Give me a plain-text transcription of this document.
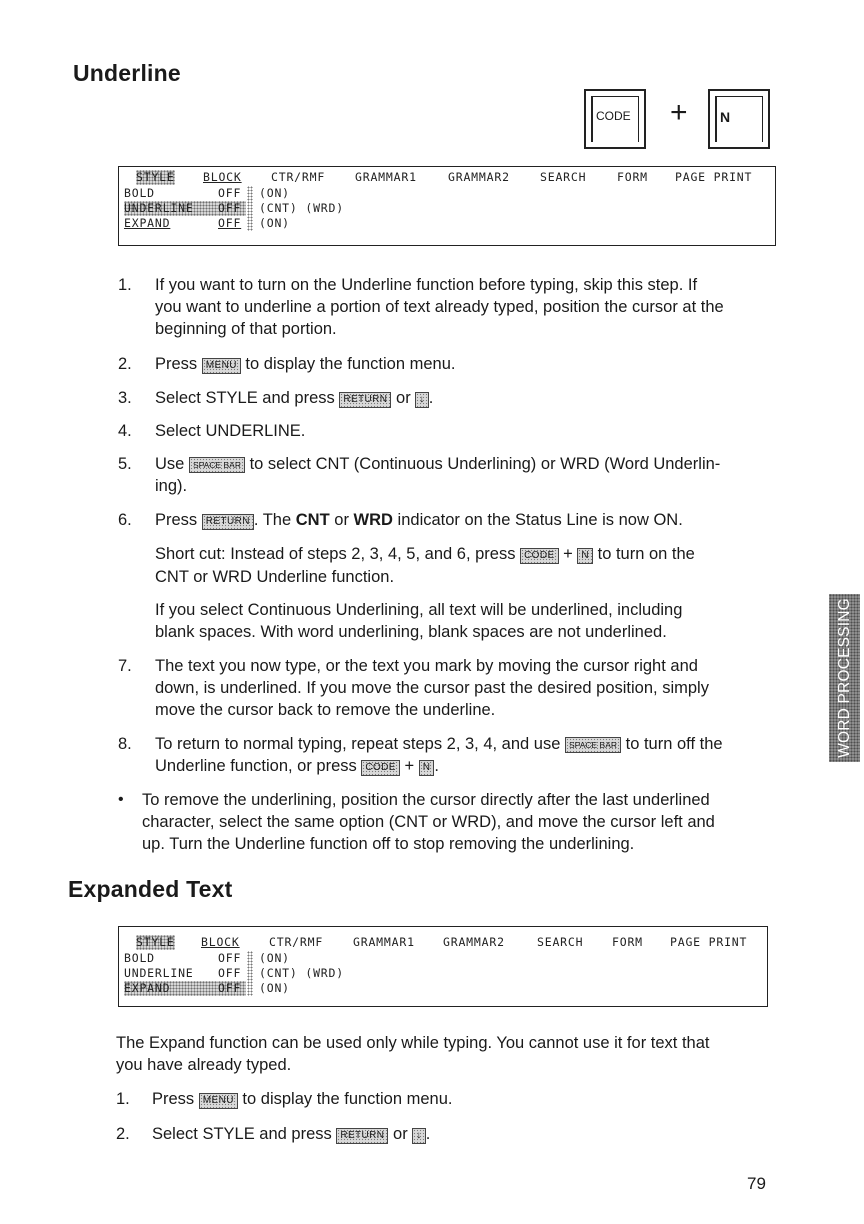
Underline
CODE +	N
STYLE BLOCK	CTR/RMF	GRAMMAR1	GRAMMAR2	SEARCH	FORM PAGE PRINT
BOLD	OFF (ON)
UNDERLINE	OFF	(CNT) (WRD)
EXPAND	OFF (ON)
1. If you want to turn on the Underline function before typing, skip this step. If

you want to underline a portion of text already typed, position the cursor at the

beginning of that portion.

2. Press MENU to display the function menu.

3. Select STYLE and press RETURN or ↓ .

4. Select UNDERLINE.

5. Use SPACE BAR to select CNT (Continuous Underlining) or WRD (Word Underlin-

ing).

6. Press RETURN . The CNT or WRD indicator on the Status Line is now ON.

Short cut: Instead of steps 2, 3, 4, 5, and 6, press CODE + N to turn on the

CNT or WRD Underline function.

If you select Continuous Underlining, all text will be underlined, including

blank spaces. With word underlining, blank spaces are not underlined.

7. The text you now type, or the text you mark by moving the cursor right and

down, is underlined. If you move the cursor past the desired position, simply

move the cursor back to remove the underline.

8. To return to normal typing, repeat steps 2, 3, 4, and use SPACE BAR to turn off the

Underline function, or press CODE + N .

• To remove the underlining, position the cursor directly after the last underlined

character, select the same option (CNT or WRD), and move the cursor left and

up. Turn the Underline function off to stop removing the underlining.

Expanded Text
STYLE BLOCK	CTR/RMF	GRAMMAR1 GRAMMAR2	SEARCH FORM PAGE PRINT
BOLD	OFF (ON)
UNDERLINE OFF (CNT) (WRD)
EXPAND	OFF	(ON)

The Expand function can be used only while typing. You cannot use it for text that

you have already typed.

1. Press MENU to display the function menu.

2. Select STYLE and press RETURN or ↓ .

WORD PROCESSING
79
